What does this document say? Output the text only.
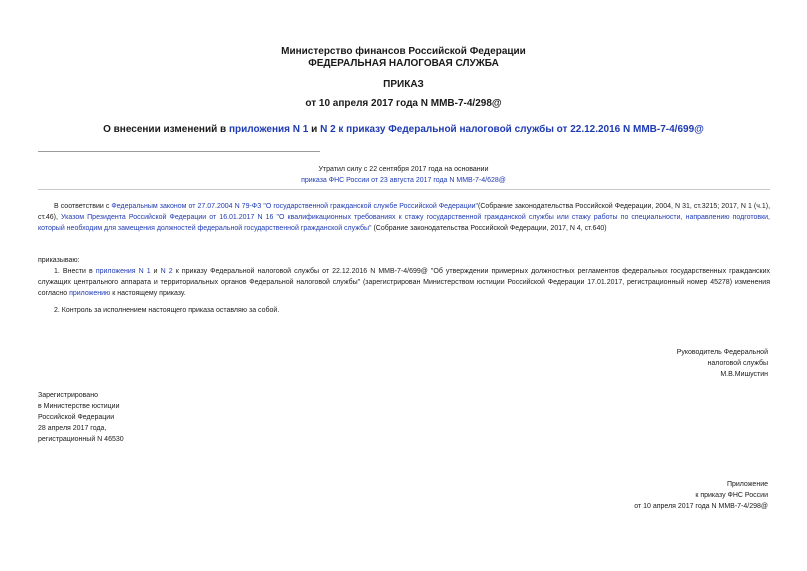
Министерство финансов Российской Федерации
ФЕДЕРАЛЬНАЯ НАЛОГОВАЯ СЛУЖБА
ПРИКАЗ
от 10 апреля 2017 года N ММВ-7-4/298@
О внесении изменений в приложения N 1 и N 2 к приказу Федеральной налоговой службы от 22.12.2016 N ММВ-7-4/699@
Утратил силу с 22 сентября 2017 года на основании
приказа ФНС России от 23 августа 2017 года N ММВ-7-4/628@
В соответствии с Федеральным законом от 27.07.2004 N 79-ФЗ "О государственной гражданской службе Российской Федерации"(Собрание законодательства Российской Федерации, 2004, N 31, ст.3215; 2017, N 1 (ч.1), ст.46), Указом Президента Российской Федерации от 16.01.2017 N 16 "О квалификационных требованиях к стажу государственной гражданской службы или стажу работы по специальности, направлению подготовки, который необходим для замещения должностей федеральной государственной гражданской службы" (Собрание законодательства Российской Федерации, 2017, N 4, ст.640)
приказываю:
1. Внести в приложения N 1 и N 2 к приказу Федеральной налоговой службы от 22.12.2016 N ММВ-7-4/699@ "Об утверждении примерных должностных регламентов федеральных государственных гражданских служащих центрального аппарата и территориальных органов Федеральной налоговой службы" (зарегистрирован Министерством юстиции Российской Федерации 17.01.2017, регистрационный номер 45278) изменения согласно приложению к настоящему приказу.
2. Контроль за исполнением настоящего приказа оставляю за собой.
Руководитель Федеральной
налоговой службы
М.В.Мишустин
Зарегистрировано
в Министерстве юстиции
Российской Федерации
28 апреля 2017 года,
регистрационный N 46530
Приложение
к приказу ФНС России
от 10 апреля 2017 года N ММВ-7-4/298@
